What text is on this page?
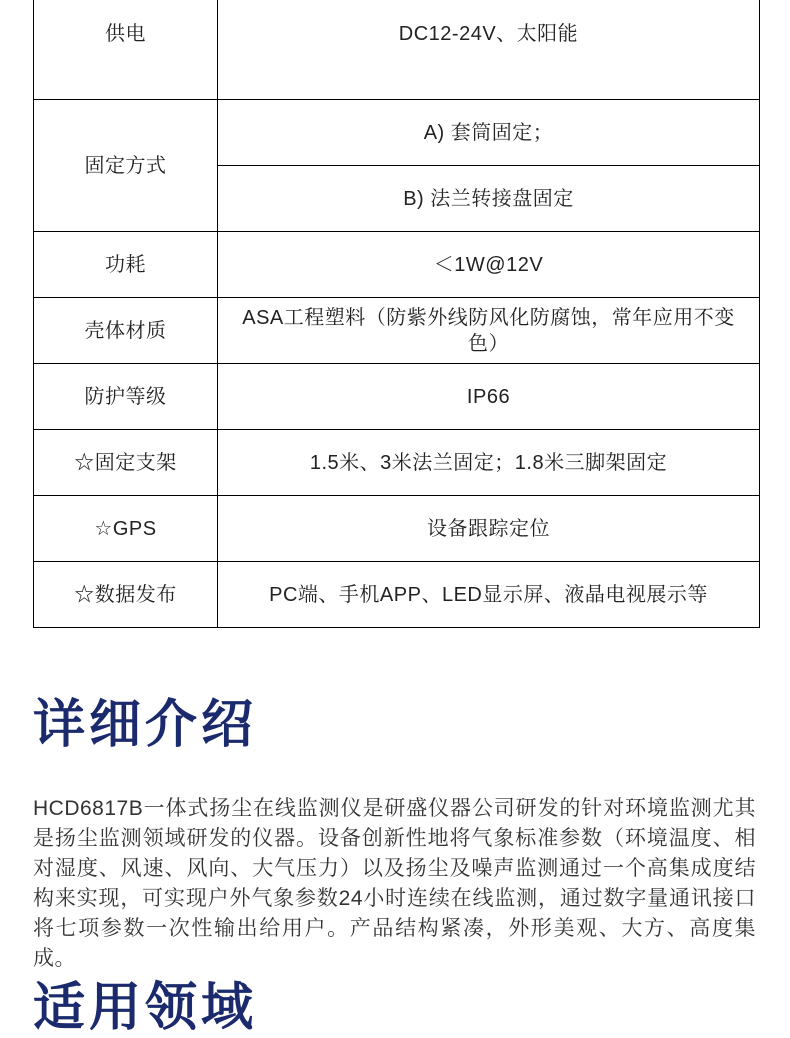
供电	DC12-24V、太阳能
固定方式	A) 套筒固定；
	B) 法兰转接盘固定
功耗	＜1W@12V
壳体材质	ASA工程塑料（防紫外线防风化防腐蚀，常年应用不变色）
防护等级	IP66
☆固定支架	1.5米、3米法兰固定；1.8米三脚架固定
☆GPS	设备跟踪定位
☆数据发布	PC端、手机APP、LED显示屏、液晶电视展示等
详细介绍

HCD6817B一体式扬尘在线监测仪是研盛仪器公司研发的针对环境监测尤其是扬尘监测领域研发的仪器。设备创新性地将气象标准参数（环境温度、相对湿度、风速、风向、大气压力）以及扬尘及噪声监测通过一个高集成度结构来实现，可实现户外气象参数24小时连续在线监测，通过数字量通讯接口将七项参数一次性输出给用户。产品结构紧凑，外形美观、大方、高度集成。

适用领域
